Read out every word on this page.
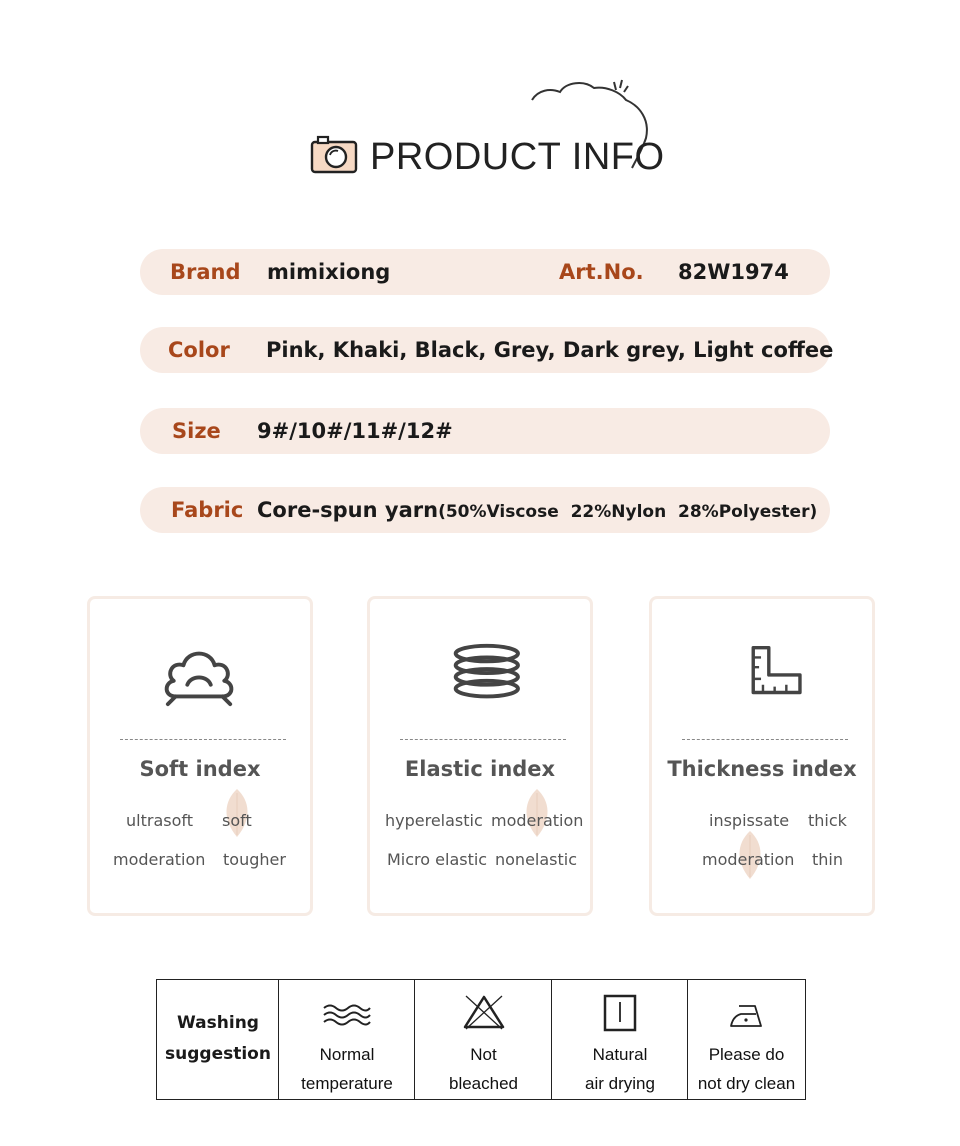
PRODUCT INFO
Brand mimixiong	Art.No. 82W1974
Color Pink, Khaki, Black, Grey, Dark grey, Light coffee
Size 9#/10#/11#/12#
Fabric Core-spun yarn(50%Viscose  22%Nylon  28%Polyester)
Soft index
ultrasoft soft
moderation tougher
Elastic index
hyperelastic moderation
Micro elastic nonelastic
Thickness index
inspissate thick
moderation thin
Washing
suggestion	Normal
temperature
Not
bleached
Natural
air drying
Please do
not dry clean
